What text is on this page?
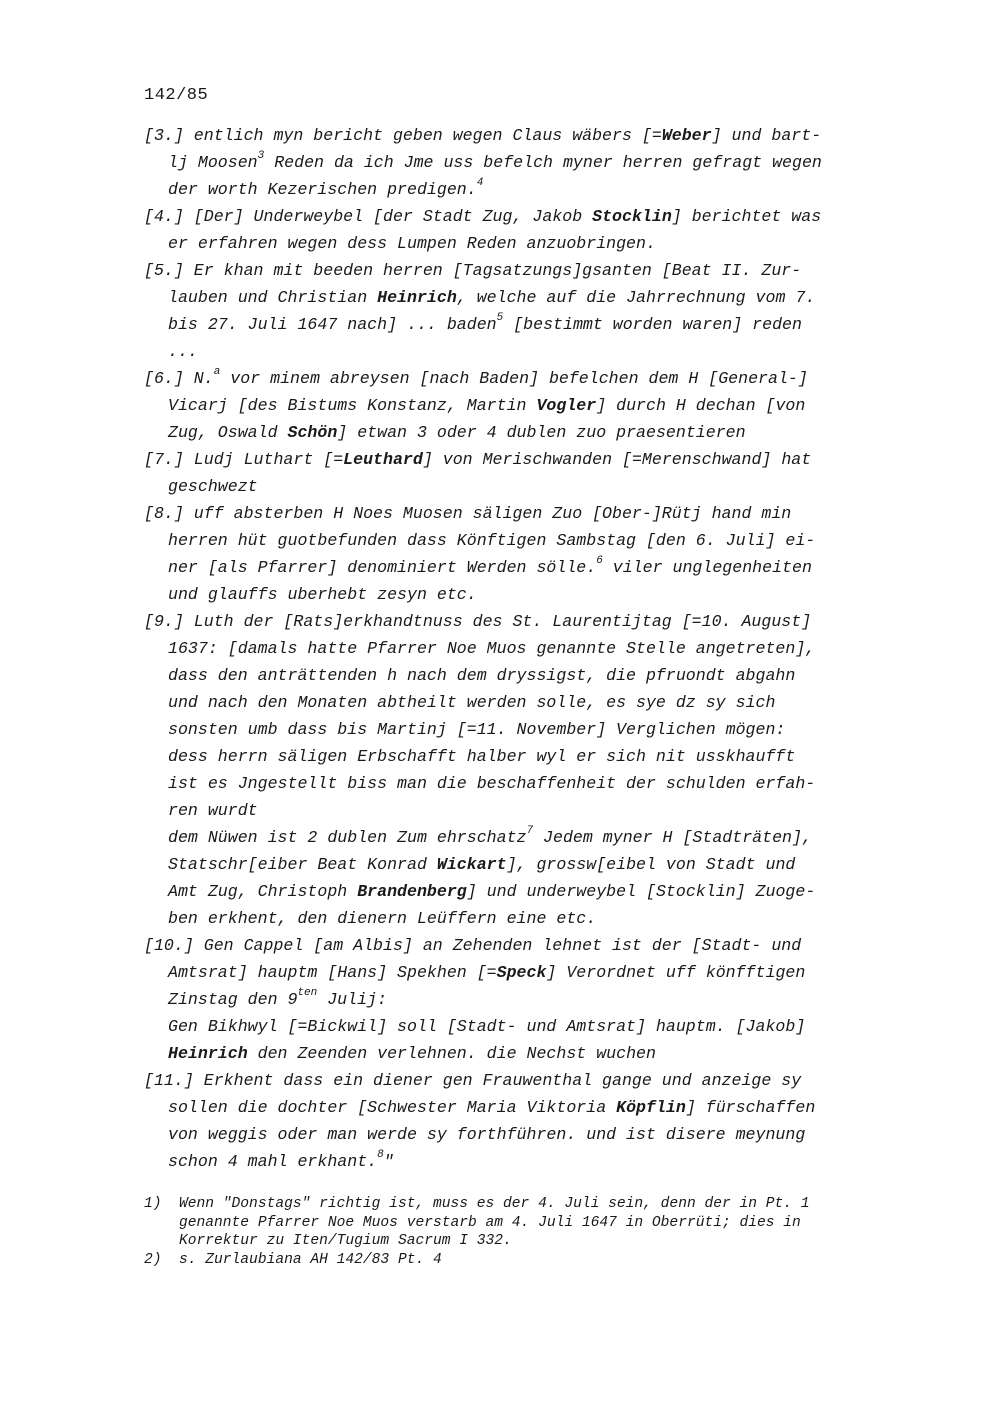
142/85
[3.] entlich myn bericht geben wegen Claus wäbers [=Weber] und bart-
lj Moosen$^3$ Reden da ich Jme uss befelch myner herren gefragt wegen
der worth Kezerischen predigen.$^4$
[4.] [Der] Underweybel [der Stadt Zug, Jakob Stocklin] berichtet was
er erfahren wegen dess Lumpen Reden anzuobringen.
[5.] Er khan mit beeden herren [Tagsatzungs]gsanten [Beat II. Zur-
lauben und Christian Heinrich, welche auf die Jahrrechnung vom 7.
bis 27. Juli 1647 nach] ... baden$^5$ [bestimmt worden waren] reden
...
[6.] N.$^a$ vor minem abreysen [nach Baden] befelchen dem H [General-]
Vicarj [des Bistums Konstanz, Martin Vogler] durch H dechan [von
Zug, Oswald Schön] etwan 3 oder 4 dublen zuo praesentieren
[7.] Ludj Luthart [=Leuthard] von Merischwanden [=Merenschwand] hat
geschwezt
[8.] uff absterben H Noes Muosen säligen Zuo [Ober-]Rütj hand min
herren hüt guotbefunden dass Könftigen Sambstag [den 6. Juli] ei-
ner [als Pfarrer] denominiert Werden sölle.$^6$ viler unglegenheiten
und glauffs uberhebt zesyn etc.
[9.] Luth der [Rats]erkhandtnuss des St. Laurentijtag [=10. August]
1637: [damals hatte Pfarrer Noe Muos genannte Stelle angetreten],
dass den anträttenden h nach dem dryssigst, die pfruondt abgahn
und nach den Monaten abtheilt werden solle, es sye dz sy sich
sonsten umb dass bis Martinj [=11. November] Verglichen mögen:
dess herrn säligen Erbschafft halber wyl er sich nit usskhaufft
ist es Jngestellt biss man die beschaffenheit der schulden erfah-
ren wurdt
dem Nüwen ist 2 dublen Zum ehrschatz$^7$ Jedem myner H [Stadträten],
Statschr[eiber Beat Konrad Wickart], grossw[eibel von Stadt und
Amt Zug, Christoph Brandenberg] und underweybel [Stocklin] Zuoge-
ben erkhent, den dienern Leüffern eine etc.
[10.] Gen Cappel [am Albis] an Zehenden lehnet ist der [Stadt- und
Amtsrat] hauptm [Hans] Spekhen [=Speck] Verordnet uff könfftigen
Zinstag den $9^{ten}$ Julij:
Gen Bikhwyl [=Bickwil] soll [Stadt- und Amtsrat] hauptm. [Jakob]
Heinrich den Zeenden verlehnen. die Nechst wuchen
[11.] Erkhent dass ein diener gen Frauwenthal gange und anzeige sy
sollen die dochter [Schwester Maria Viktoria Köpflin] fürschaffen
von weggis oder man werde sy forthführen. und ist disere meynung
schon 4 mahl erkhant.$^8$"
1) Wenn "Donstags" richtig ist, muss es der 4. Juli sein, denn der in Pt. 1
genannte Pfarrer Noe Muos verstarb am 4. Juli 1647 in Oberrüti; dies in
Korrektur zu Iten/Tugium Sacrum I 332.
2) s. Zurlaubiana AH 142/83 Pt. 4
